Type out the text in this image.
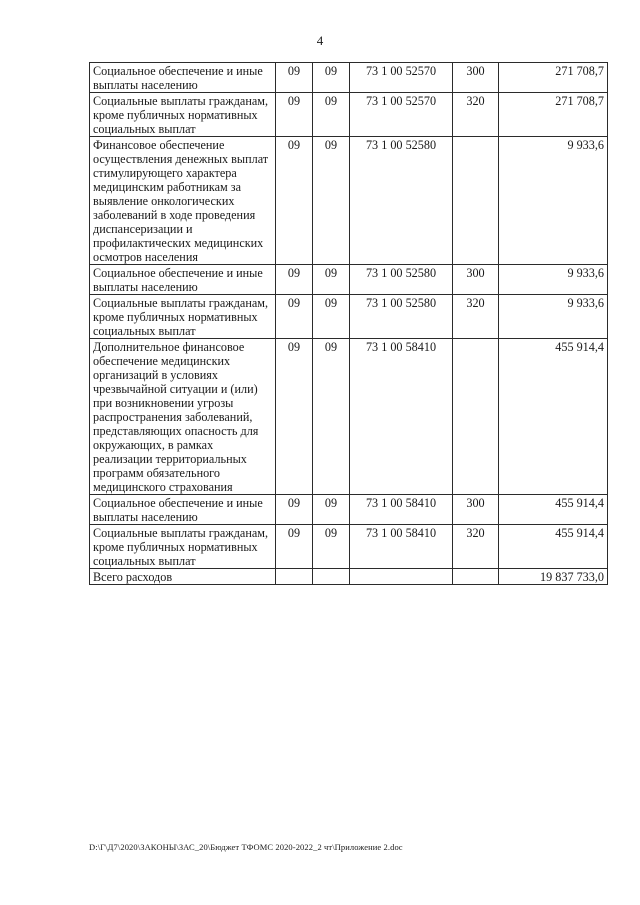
4
Социальное обеспечение и иные выплаты населению	09	09	73 1 00 52570	300	271 708,7
Социальные выплаты гражданам, кроме публичных нормативных социальных выплат	09	09	73 1 00 52570	320	271 708,7
Финансовое обеспечение осуществления денежных выплат стимулирующего характера медицинским работникам за выявление онкологических заболеваний в ходе проведения диспансеризации и профилактических медицинских осмотров населения	09	09	73 1 00 52580		9 933,6
Социальное обеспечение и иные выплаты населению	09	09	73 1 00 52580	300	9 933,6
Социальные выплаты гражданам, кроме публичных нормативных социальных выплат	09	09	73 1 00 52580	320	9 933,6
Дополнительное финансовое обеспечение медицинских организаций в условиях чрезвычайной ситуации и (или) при возникновении угрозы распространения заболеваний, представляющих опасность для окружающих, в рамках реализации территориальных программ обязательного медицинского страхования	09	09	73 1 00 58410		455 914,4
Социальное обеспечение и иные выплаты населению	09	09	73 1 00 58410	300	455 914,4
Социальные выплаты гражданам, кроме публичных нормативных социальных выплат	09	09	73 1 00 58410	320	455 914,4
Всего расходов					19 837 733,0
D:\Г\Д7\2020\ЗАКОНЫ\ЗАС_20\Бюджет ТФОМС 2020-2022_2 чт\Приложение 2.doc
